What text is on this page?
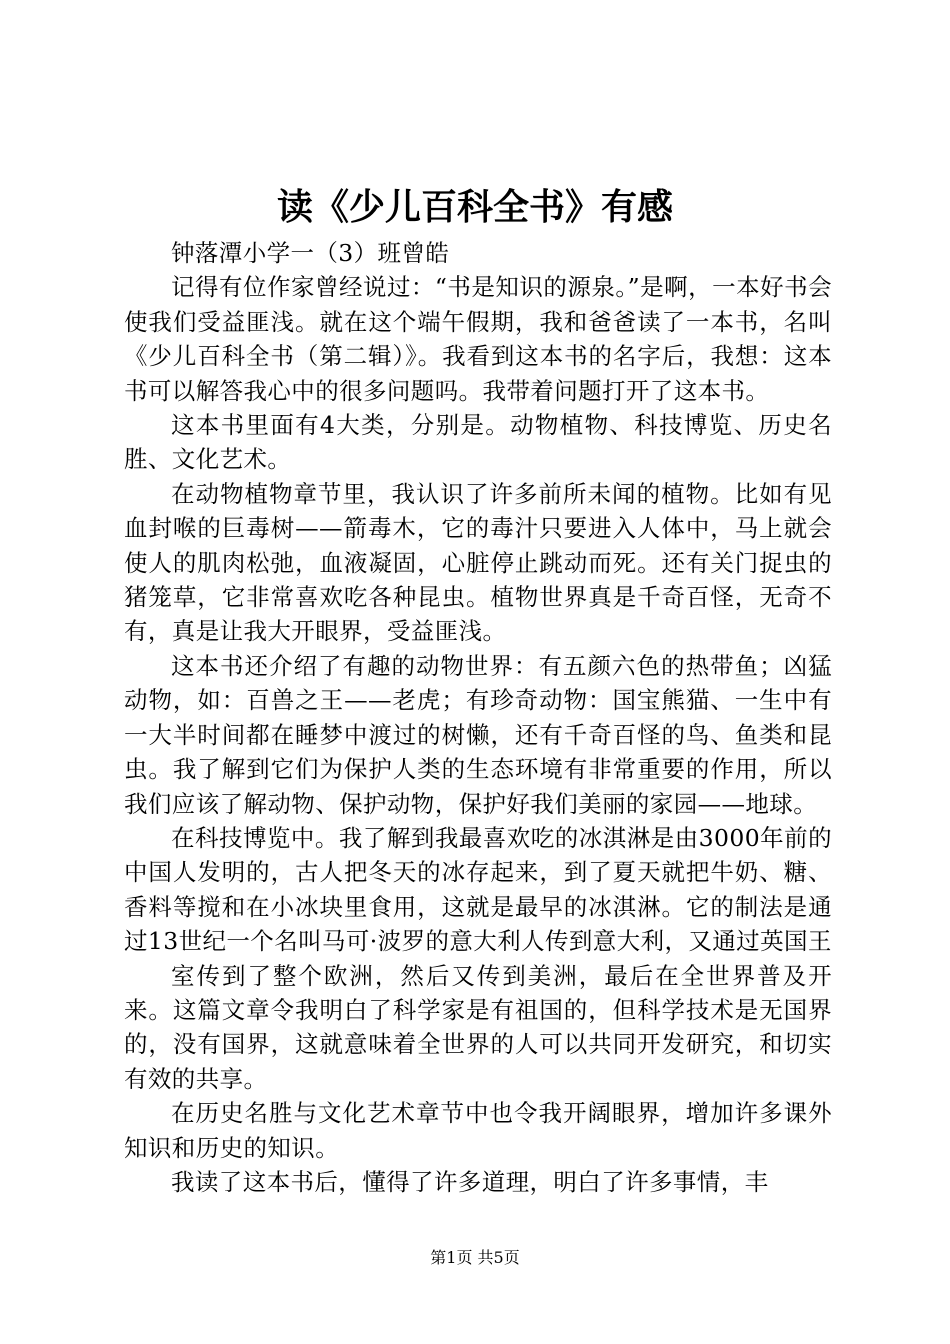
读《少儿百科全书》有感

钟落潭小学一（3）班曾皓

记得有位作家曾经说过：“书是知识的源泉。”是啊，一本好书会使我们受益匪浅。就在这个端午假期，我和爸爸读了一本书，名叫《少儿百科全书（第二辑）》。我看到这本书的名字后，我想：这本书可以解答我心中的很多问题吗。我带着问题打开了这本书。

这本书里面有4大类，分别是。动物植物、科技博览、历史名胜、文化艺术。

在动物植物章节里，我认识了许多前所未闻的植物。比如有见血封喉的巨毒树——箭毒木，它的毒汁只要进入人体中，马上就会使人的肌肉松弛，血液凝固，心脏停止跳动而死。还有关门捉虫的猪笼草，它非常喜欢吃各种昆虫。植物世界真是千奇百怪，无奇不有，真是让我大开眼界，受益匪浅。

这本书还介绍了有趣的动物世界：有五颜六色的热带鱼；凶猛动物，如：百兽之王——老虎；有珍奇动物：国宝熊猫、一生中有一大半时间都在睡梦中渡过的树懒，还有千奇百怪的鸟、鱼类和昆虫。我了解到它们为保护人类的生态环境有非常重要的作用，所以我们应该了解动物、保护动物，保护好我们美丽的家园——地球。

在科技博览中。我了解到我最喜欢吃的冰淇淋是由3000年前的中国人发明的，古人把冬天的冰存起来，到了夏天就把牛奶、糖、香料等搅和在小冰块里食用，这就是最早的冰淇淋。它的制法是通过13世纪一个名叫马可·波罗的意大利人传到意大利，又通过英国王

室传到了整个欧洲，然后又传到美洲，最后在全世界普及开来。这篇文章令我明白了科学家是有祖国的，但科学技术是无国界的，没有国界，这就意味着全世界的人可以共同开发研究，和切实有效的共享。

在历史名胜与文化艺术章节中也令我开阔眼界，增加许多课外知识和历史的知识。

我读了这本书后，懂得了许多道理，明白了许多事情，丰

第1页 共5页
